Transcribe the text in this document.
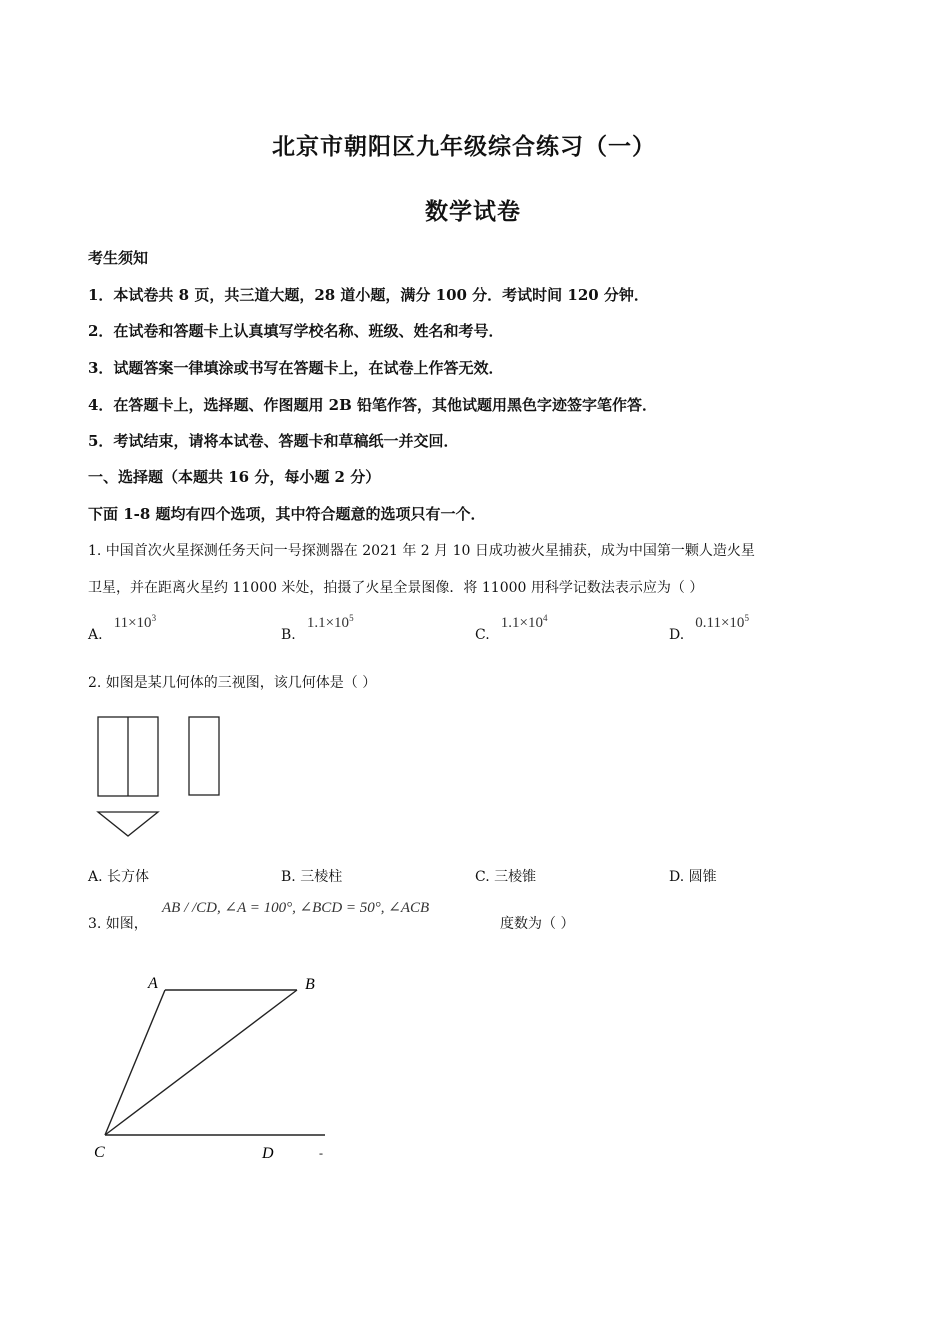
北京市朝阳区九年级综合练习（一）
数学试卷
考生须知
1．本试卷共 8 页，共三道大题，28 道小题，满分 100 分．考试时间 120 分钟．
2．在试卷和答题卡上认真填写学校名称、班级、姓名和考号．
3．试题答案一律填涂或书写在答题卡上，在试卷上作答无效．
4．在答题卡上，选择题、作图题用 2B 铅笔作答，其他试题用黑色字迹签字笔作答．
5．考试结束，请将本试卷、答题卡和草稿纸一并交回．
一、选择题（本题共 16 分，每小题 2 分）
下面 1-8 题均有四个选项，其中符合题意的选项只有一个．
1. 中国首次火星探测任务天问一号探测器在 2021 年 2 月 10 日成功被火星捕获，成为中国第一颗人造火星
卫星，并在距离火星约 11000 米处，拍摄了火星全景图像．将 11000 用科学记数法表示应为（ ）
A. $11\times 10^3$
B. $1.1\times 10^5$
C. $1.1\times 10^4$
D. $0.11\times 10^5$
2. 如图是某几何体的三视图，该几何体是（ ）
A. 长方体	B. 三棱柱	C. 三棱锥	D. 圆锥
3. 如图，
AB / /CD, ∠A = 100°, ∠BCD = 50°, ∠ACB
度数为（ ）
A	B
C	D	-
